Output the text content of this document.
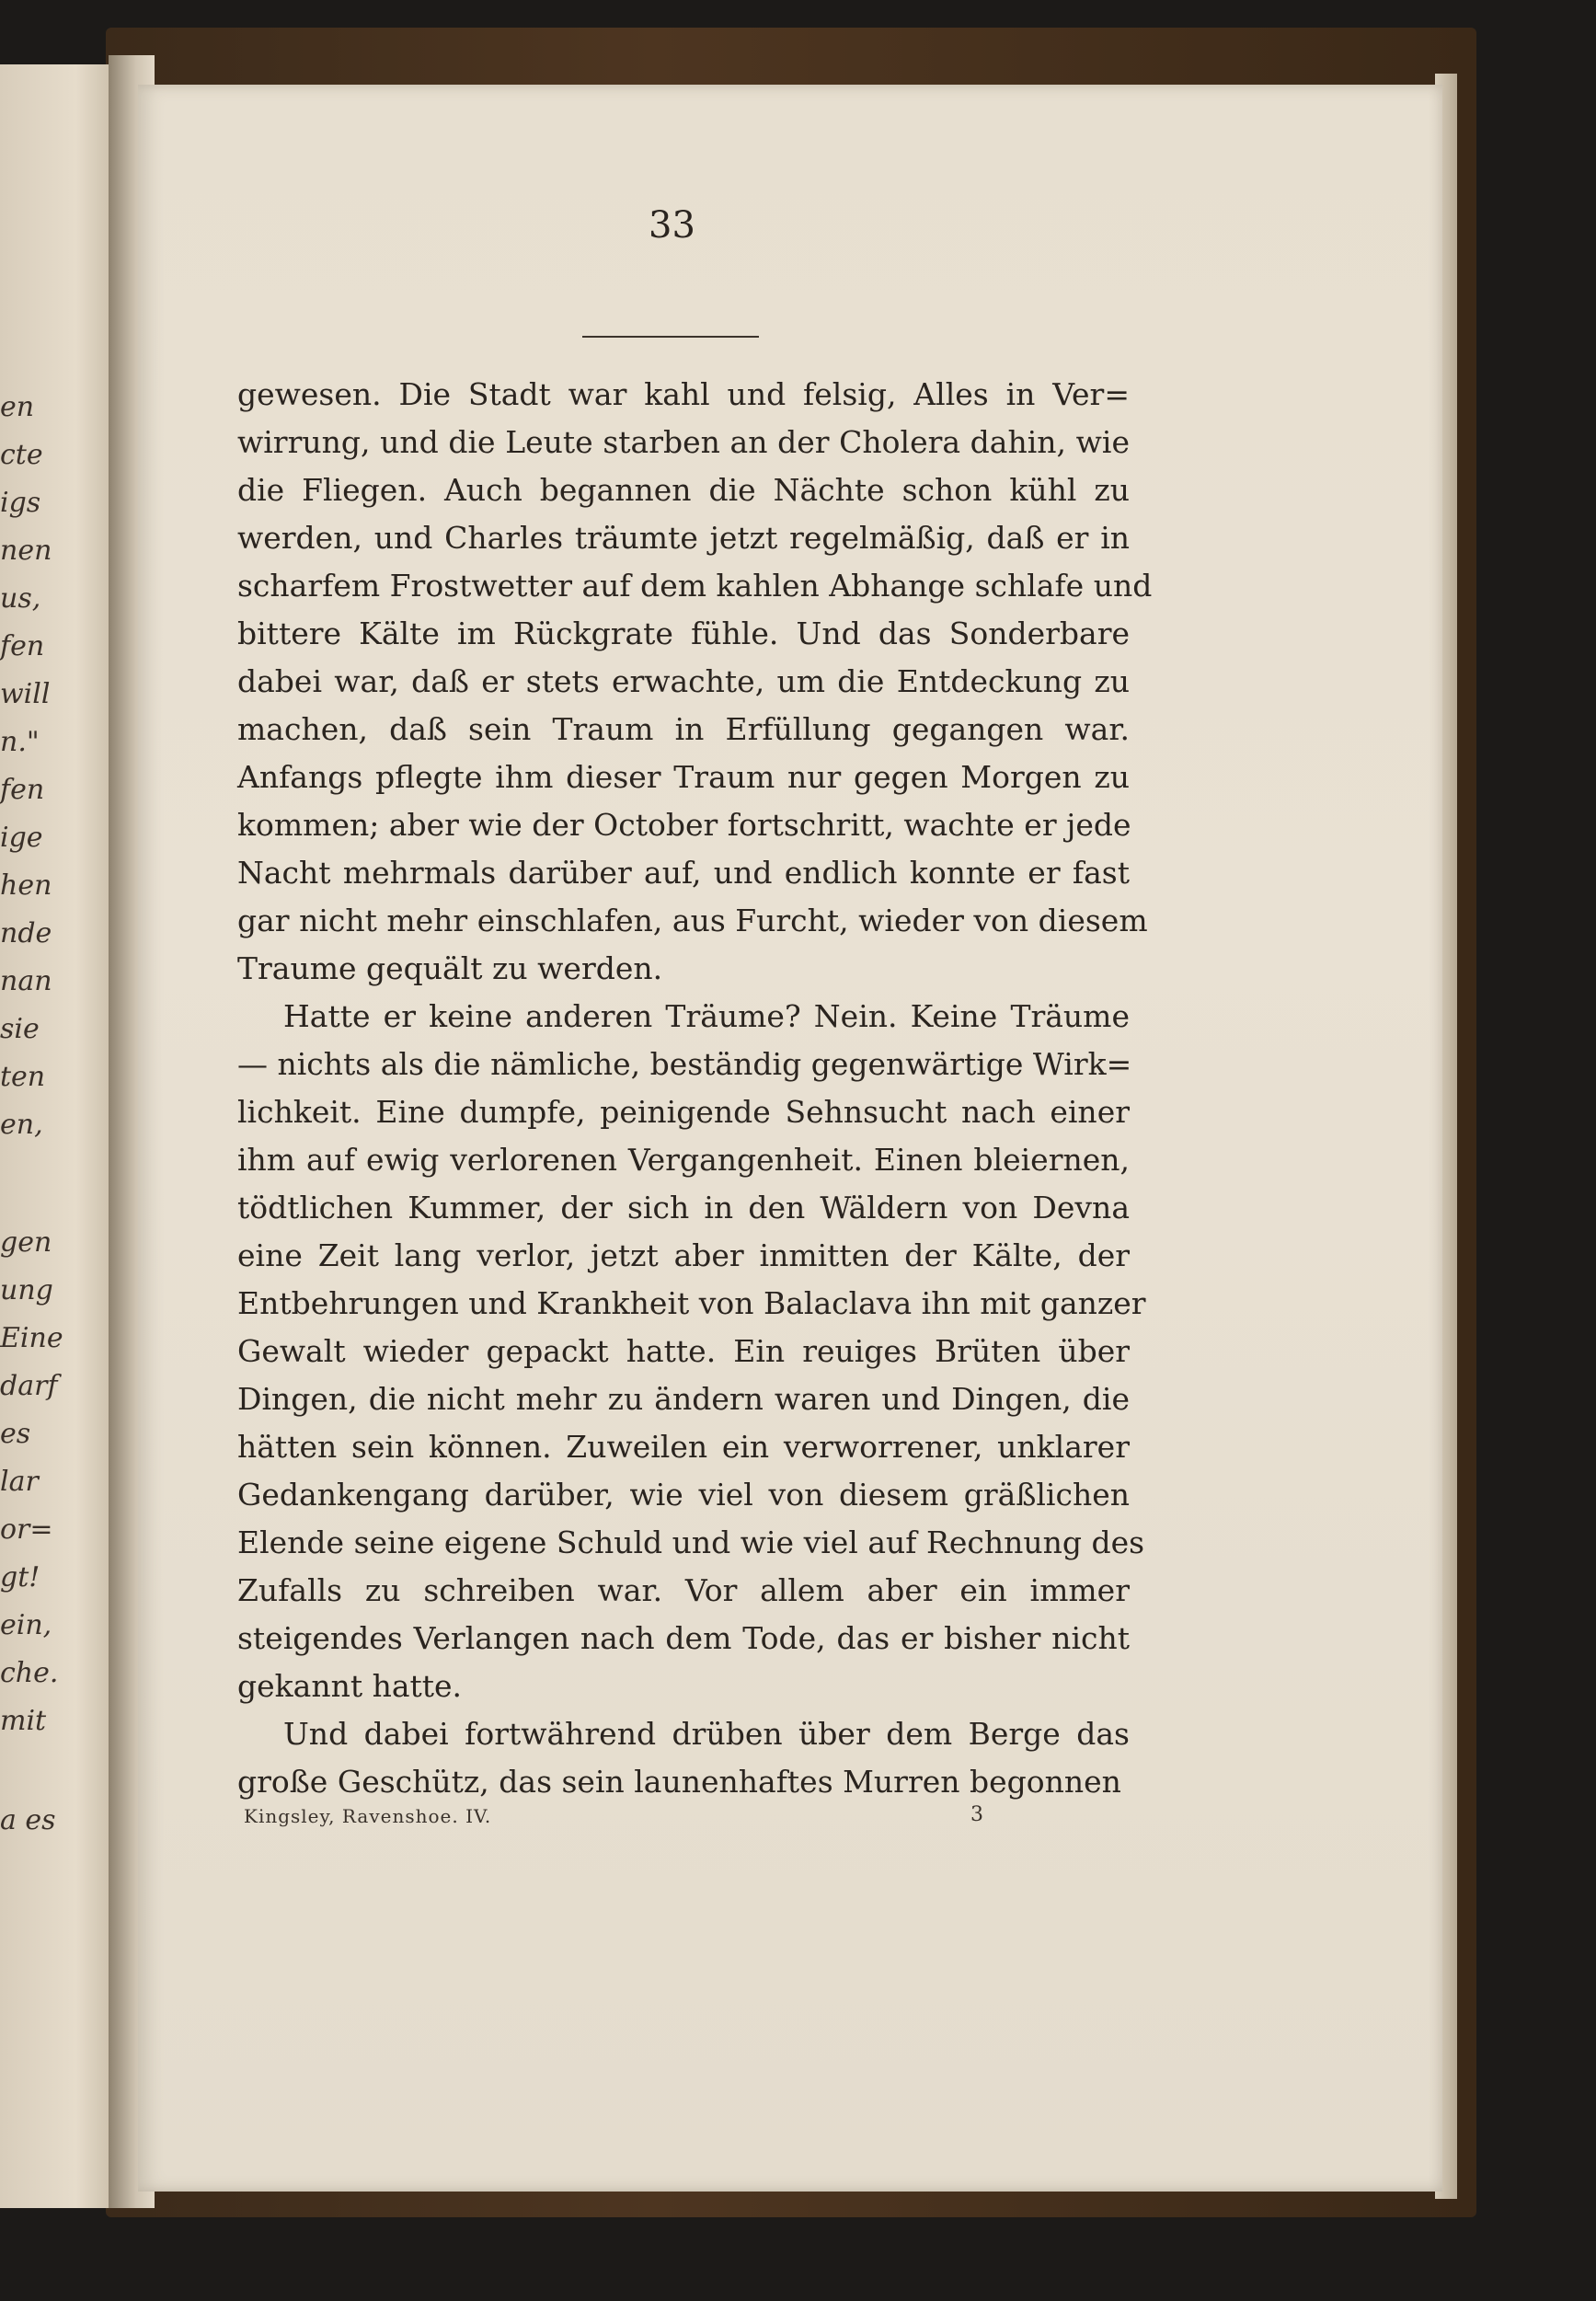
en
cte
igs
nen
us,
fen
will
n."
fen
ige
hen
nde
nan
sie
ten
en,
gen
ung
Eine
darf
es
lar
or=
gt!
ein,
che.
mit
a es
33
gewesen. Die Stadt war kahl und felsig, Alles in Ver=
wirrung, und die Leute starben an der Cholera dahin, wie
die Fliegen. Auch begannen die Nächte schon kühl zu
werden, und Charles träumte jetzt regelmäßig, daß er in
scharfem Frostwetter auf dem kahlen Abhange schlafe und
bittere Kälte im Rückgrate fühle. Und das Sonderbare
dabei war, daß er stets erwachte, um die Entdeckung zu
machen, daß sein Traum in Erfüllung gegangen war.
Anfangs pflegte ihm dieser Traum nur gegen Morgen zu
kommen; aber wie der October fortschritt, wachte er jede
Nacht mehrmals darüber auf, und endlich konnte er fast
gar nicht mehr einschlafen, aus Furcht, wieder von diesem
Traume gequält zu werden.
Hatte er keine anderen Träume? Nein. Keine Träume
— nichts als die nämliche, beständig gegenwärtige Wirk=
lichkeit. Eine dumpfe, peinigende Sehnsucht nach einer
ihm auf ewig verlorenen Vergangenheit. Einen bleiernen,
tödtlichen Kummer, der sich in den Wäldern von Devna
eine Zeit lang verlor, jetzt aber inmitten der Kälte, der
Entbehrungen und Krankheit von Balaclava ihn mit ganzer
Gewalt wieder gepackt hatte. Ein reuiges Brüten über
Dingen, die nicht mehr zu ändern waren und Dingen, die
hätten sein können. Zuweilen ein verworrener, unklarer
Gedankengang darüber, wie viel von diesem gräßlichen
Elende seine eigene Schuld und wie viel auf Rechnung des
Zufalls zu schreiben war. Vor allem aber ein immer
steigendes Verlangen nach dem Tode, das er bisher nicht
gekannt hatte.
Und dabei fortwährend drüben über dem Berge das
große Geschütz, das sein launenhaftes Murren begonnen
Kingsley, Ravenshoe. IV.	3
